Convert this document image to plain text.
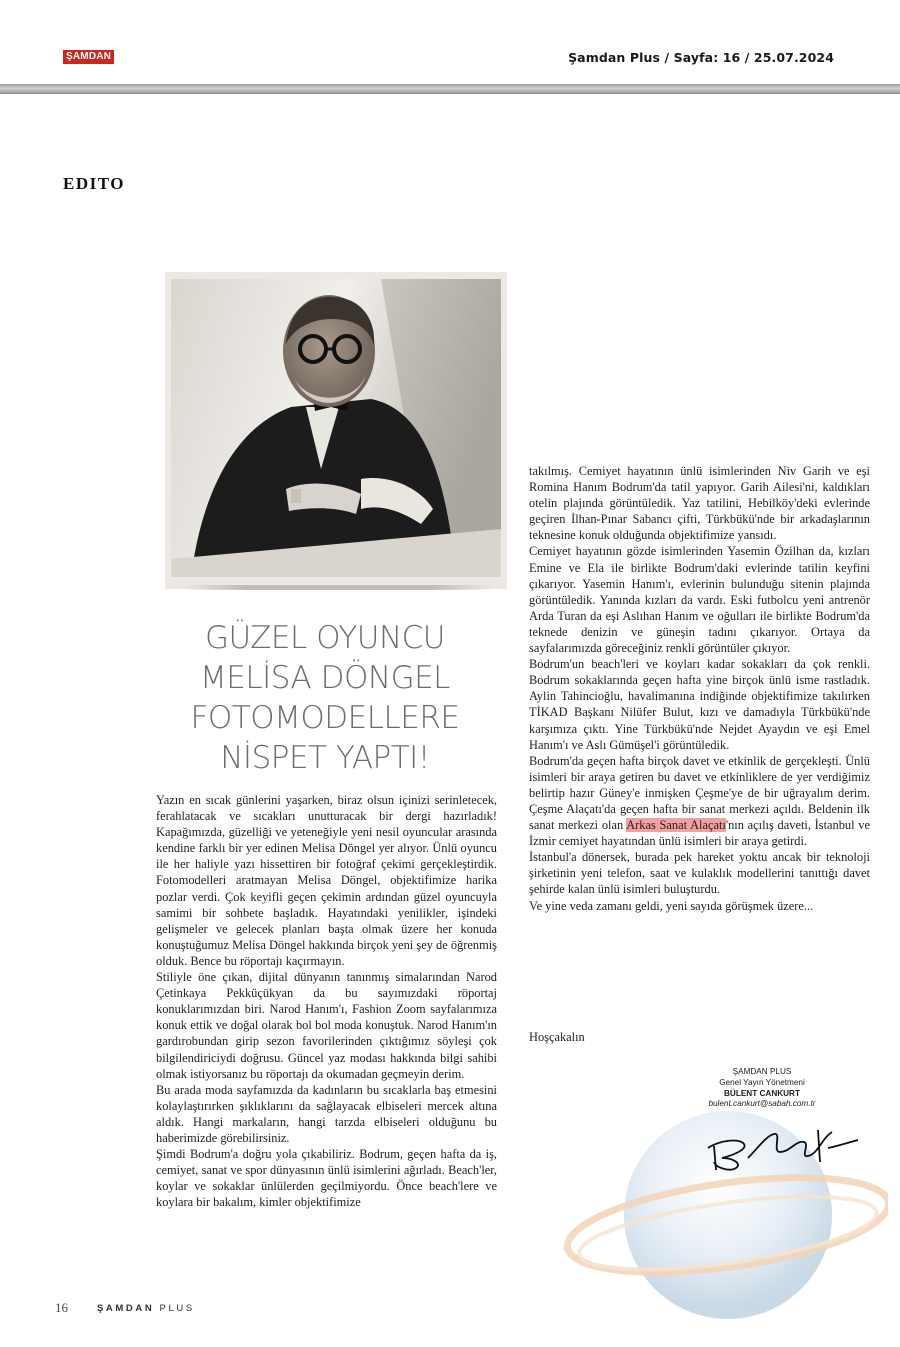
ŞAMDAN	Şamdan Plus / Sayfa: 16 / 25.07.2024
EDITO
GÜZEL OYUNCU
MELİSA DÖNGEL
FOTOMODELLERE
NİSPET YAPTI!

Yazın en sıcak günlerini yaşarken, biraz olsun içinizi serinletecek, ferahlatacak ve sıcakları unutturacak bir dergi hazırladık! Kapağımızda, güzelliği ve yeteneğiyle yeni nesil oyuncular arasında kendine farklı bir yer edinen Melisa Döngel yer alıyor. Ünlü oyuncu ile her haliyle yazı hissettiren bir fotoğraf çekimi gerçekleştirdik. Fotomodelleri aratmayan Melisa Döngel, objektifimize harika pozlar verdi. Çok keyifli geçen çekimin ardından güzel oyuncuyla samimi bir sohbete başladık. Hayatındaki yenilikler, işindeki gelişmeler ve gelecek planları başta olmak üzere her konuda konuştuğumuz Melisa Döngel hakkında birçok yeni şey de öğrenmiş olduk. Bence bu röportajı kaçırmayın.

Stiliyle öne çıkan, dijital dünyanın tanınmış simalarından Narod Çetinkaya Pekküçükyan da bu sayımızdaki röportaj konuklarımızdan biri. Narod Hanım'ı, Fashion Zoom sayfalarımıza konuk ettik ve doğal olarak bol bol moda konuştuk. Narod Hanım'ın gardırobundan girip sezon favorilerinden çıktığımız söyleşi çok bilgilendiriciydi doğrusu. Güncel yaz modası hakkında bilgi sahibi olmak istiyorsanız bu röportajı da okumadan geçmeyin derim.

Bu arada moda sayfamızda da kadınların bu sıcaklarla baş etmesini kolaylaştırırken şıklıklarını da sağlayacak elbiseleri mercek altına aldık. Hangi markaların, hangi tarzda elbiseleri olduğunu bu haberimizde görebilirsiniz.

Şimdi Bodrum'a doğru yola çıkabiliriz. Bodrum, geçen hafta da iş, cemiyet, sanat ve spor dünyasının ünlü isimlerini ağırladı. Beach'ler, koylar ve sokaklar ünlülerden geçilmiyordu. Önce beach'lere ve koylara bir bakalım, kimler objektifimize

takılmış. Cemiyet hayatının ünlü isimlerinden Niv Garih ve eşi Romina Hanım Bodrum'da tatil yapıyor. Garih Ailesi'ni, kaldıkları otelin plajında görüntüledik. Yaz tatilini, Hebilköy'deki evlerinde geçiren İlhan-Pınar Sabancı çifti, Türkbükü'nde bir arkadaşlarının teknesine konuk olduğunda objektifimize yansıdı.

Cemiyet hayatının gözde isimlerinden Yasemin Özilhan da, kızları Emine ve Ela ile birlikte Bodrum'daki evlerinde tatilin keyfini çıkarıyor. Yasemin Hanım'ı, evlerinin bulunduğu sitenin plajında görüntüledik. Yanında kızları da vardı. Eski futbolcu yeni antrenör Arda Turan da eşi Aslıhan Hanım ve oğulları ile birlikte Bodrum'da teknede denizin ve güneşin tadını çıkarıyor. Ortaya da sayfalarımızda göreceğiniz renkli görüntüler çıkıyor.

Bodrum'un beach'leri ve koyları kadar sokakları da çok renkli. Bodrum sokaklarında geçen hafta yine birçok ünlü isme rastladık. Aylin Tahincioğlu, havalimanına indiğinde objektifimize takılırken TİKAD Başkanı Nilüfer Bulut, kızı ve damadıyla Türkbükü'nde karşımıza çıktı. Yine Türkbükü'nde Nejdet Ayaydın ve eşi Emel Hanım'ı ve Aslı Gümüşel'i görüntüledik.

Bodrum'da geçen hafta birçok davet ve etkinlik de gerçekleşti. Ünlü isimleri bir araya getiren bu davet ve etkinliklere de yer verdiğimiz belirtip hazır Güney'e inmişken Çeşme'ye de bir uğrayalım derim. Çeşme Alaçatı'da geçen hafta bir sanat merkezi açıldı. Beldenin ilk sanat merkezi olan Arkas Sanat Alaçatı'nın açılış daveti, İstanbul ve İzmir cemiyet hayatından ünlü isimleri bir araya getirdi.

İstanbul'a dönersek, burada pek hareket yoktu ancak bir teknoloji şirketinin yeni telefon, saat ve kulaklık modellerini tanıttığı davet şehirde kalan ünlü isimleri buluşturdu.

Ve yine veda zamanı geldi, yeni sayıda görüşmek üzere...

Hoşçakalın
ŞAMDAN PLUS
Genel Yayın Yönetmeni
BÜLENT CANKURT
bulent.cankurt@sabah.com.tr
16	ŞAMDAN PLUS
